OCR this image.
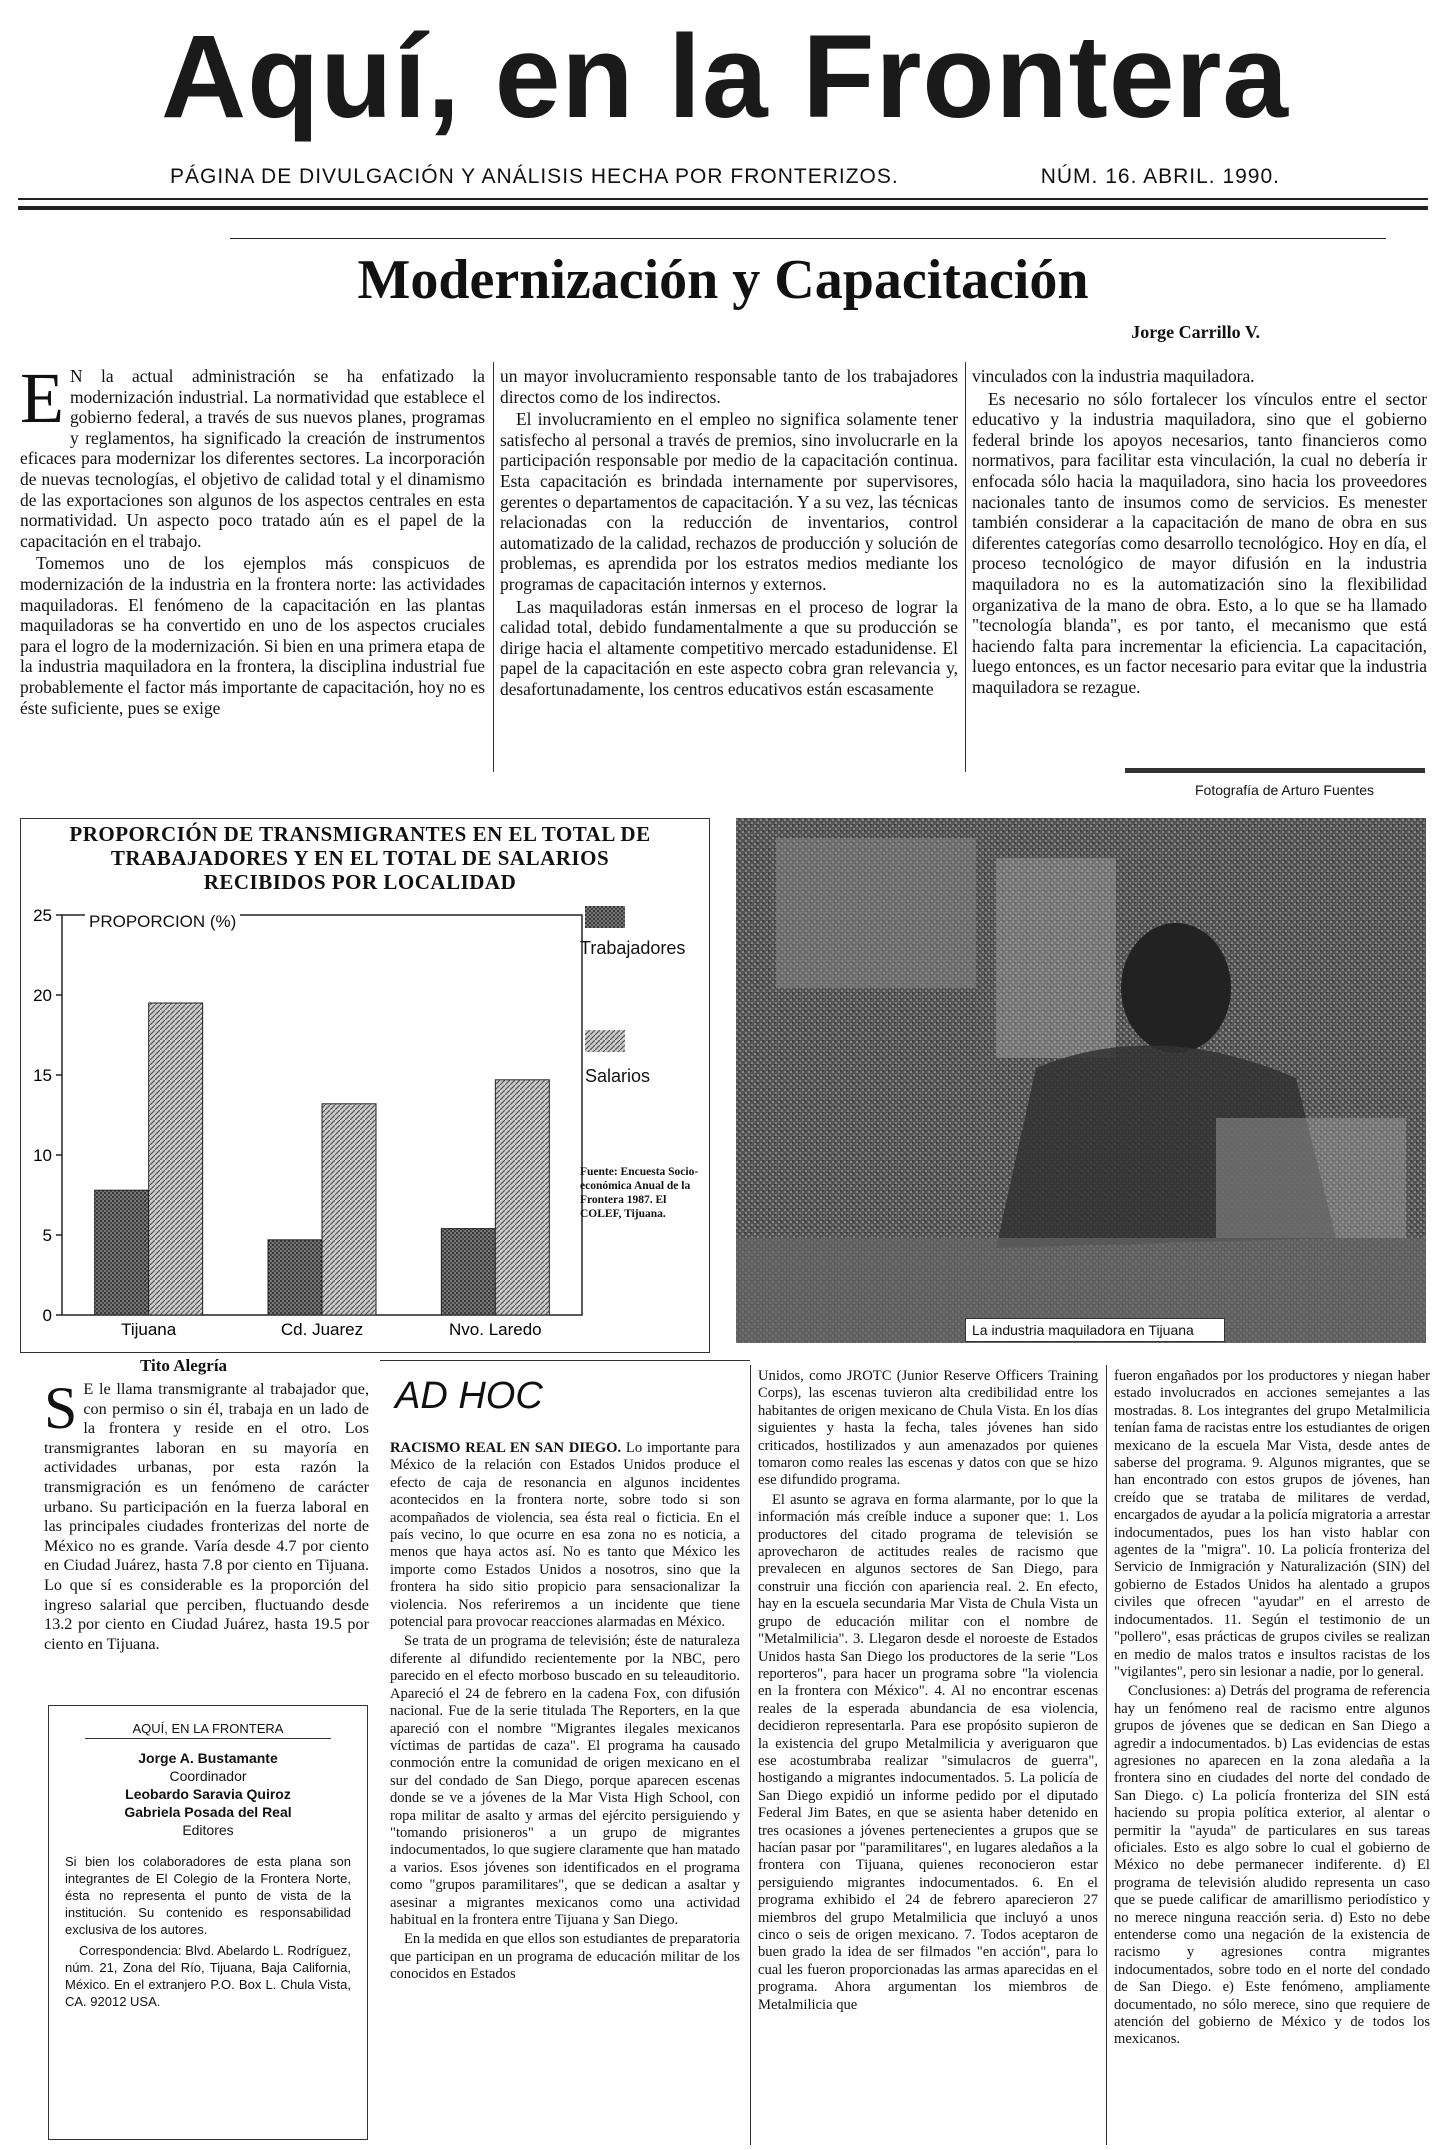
Aquí, en la Frontera
PÁGINA DE DIVULGACIÓN Y ANÁLISIS HECHA POR FRONTERIZOS.	NÚM. 16. ABRIL. 1990.
Modernización y Capacitación
Jorge Carrillo V.

E N la actual administración se ha enfatizado la modernización industrial. La normatividad que establece el gobierno federal, a través de sus nuevos planes, programas y reglamentos, ha significado la creación de instrumentos eficaces para modernizar los diferentes sectores. La incorporación de nuevas tecnologías, el objetivo de calidad total y el dinamismo de las exportaciones son algunos de los aspectos centrales en esta normatividad. Un aspecto poco tratado aún es el papel de la capacitación en el trabajo.

Tomemos uno de los ejemplos más conspicuos de modernización de la industria en la frontera norte: las actividades maquiladoras. El fenómeno de la capacitación en las plantas maquiladoras se ha convertido en uno de los aspectos cruciales para el logro de la modernización. Si bien en una primera etapa de la industria maquiladora en la frontera, la disciplina industrial fue probablemente el factor más importante de capacitación, hoy no es éste suficiente, pues se exige

un mayor involucramiento responsable tanto de los trabajadores directos como de los indirectos.

El involucramiento en el empleo no significa solamente tener satisfecho al personal a través de premios, sino involucrarle en la participación responsable por medio de la capacitación continua. Esta capacitación es brindada internamente por supervisores, gerentes o departamentos de capacitación. Y a su vez, las técnicas relacionadas con la reducción de inventarios, control automatizado de la calidad, rechazos de producción y solución de problemas, es aprendida por los estratos medios mediante los programas de capacitación internos y externos.

Las maquiladoras están inmersas en el proceso de lograr la calidad total, debido fundamentalmente a que su producción se dirige hacia el altamente competitivo mercado estadunidense. El papel de la capacitación en este aspecto cobra gran relevancia y, desafortunadamente, los centros educativos están escasamente

vinculados con la industria maquiladora.

Es necesario no sólo fortalecer los vínculos entre el sector educativo y la industria maquiladora, sino que el gobierno federal brinde los apoyos necesarios, tanto financieros como normativos, para facilitar esta vinculación, la cual no debería ir enfocada sólo hacia la maquiladora, sino hacia los proveedores nacionales tanto de insumos como de servicios. Es menester también considerar a la capacitación de mano de obra en sus diferentes categorías como desarrollo tecnológico. Hoy en día, el proceso tecnológico de mayor difusión en la industria maquiladora no es la automatización sino la flexibilidad organizativa de la mano de obra. Esto, a lo que se ha llamado "tecnología blanda", es por tanto, el mecanismo que está haciendo falta para incrementar la eficiencia. La capacitación, luego entonces, es un factor necesario para evitar que la industria maquiladora se rezague.

Fotografía de Arturo Fuentes
PROPORCIÓN DE TRANSMIGRANTES EN EL TOTAL DE TRABAJADORES Y EN EL TOTAL DE SALARIOS RECIBIDOS POR LOCALIDAD
0
5
10
15
20
25
Tijuana	Cd. Juarez	Nvo. Laredo
PROPORCION (%)
Trabajadores
Salarios
Fuente: Encuesta Socio-económica Anual de la Frontera 1987. El COLEF, Tijuana.
La industria maquiladora en Tijuana
Tito Alegría

S E le llama transmigrante al trabajador que, con permiso o sin él, trabaja en un lado de la frontera y reside en el otro. Los transmigrantes laboran en su mayoría en actividades urbanas, por esta razón la transmigración es un fenómeno de carácter urbano. Su participación en la fuerza laboral en las principales ciudades fronterizas del norte de México no es grande. Varía desde 4.7 por ciento en Ciudad Juárez, hasta 7.8 por ciento en Tijuana. Lo que sí es considerable es la proporción del ingreso salarial que perciben, fluctuando desde 13.2 por ciento en Ciudad Juárez, hasta 19.5 por ciento en Tijuana.

AQUÍ, EN LA FRONTERA

Jorge A. Bustamante

Coordinador

Leobardo Saravia Quiroz

Gabriela Posada del Real

Editores

Si bien los colaboradores de esta plana son integrantes de El Colegio de la Frontera Norte, ésta no representa el punto de vista de la institución. Su contenido es responsabilidad exclusiva de los autores.

Correspondencia: Blvd. Abelardo L. Rodríguez, núm. 21, Zona del Río, Tijuana, Baja California, México. En el extranjero P.O. Box L. Chula Vista, CA. 92012 USA.

AD HOC

RACISMO REAL EN SAN DIEGO. Lo importante para México de la relación con Estados Unidos produce el efecto de caja de resonancia en algunos incidentes acontecidos en la frontera norte, sobre todo si son acompañados de violencia, sea ésta real o ficticia. En el país vecino, lo que ocurre en esa zona no es noticia, a menos que haya actos así. No es tanto que México les importe como Estados Unidos a nosotros, sino que la frontera ha sido sitio propicio para sensacionalizar la violencia. Nos referiremos a un incidente que tiene potencial para provocar reacciones alarmadas en México.

Se trata de un programa de televisión; éste de naturaleza diferente al difundido recientemente por la NBC, pero parecido en el efecto morboso buscado en su teleauditorio. Apareció el 24 de febrero en la cadena Fox, con difusión nacional. Fue de la serie titulada The Reporters, en la que apareció con el nombre "Migrantes ilegales mexicanos víctimas de partidas de caza". El programa ha causado conmoción entre la comunidad de origen mexicano en el sur del condado de San Diego, porque aparecen escenas donde se ve a jóvenes de la Mar Vista High School, con ropa militar de asalto y armas del ejército persiguiendo y "tomando prisioneros" a un grupo de migrantes indocumentados, lo que sugiere claramente que han matado a varios. Esos jóvenes son identificados en el programa como "grupos paramilitares", que se dedican a asaltar y asesinar a migrantes mexicanos como una actividad habitual en la frontera entre Tijuana y San Diego.

En la medida en que ellos son estudiantes de preparatoria que participan en un programa de educación militar de los conocidos en Estados

Unidos, como JROTC (Junior Reserve Officers Training Corps), las escenas tuvieron alta credibilidad entre los habitantes de origen mexicano de Chula Vista. En los días siguientes y hasta la fecha, tales jóvenes han sido criticados, hostilizados y aun amenazados por quienes tomaron como reales las escenas y datos con que se hizo ese difundido programa.

El asunto se agrava en forma alarmante, por lo que la información más creíble induce a suponer que: 1. Los productores del citado programa de televisión se aprovecharon de actitudes reales de racismo que prevalecen en algunos sectores de San Diego, para construir una ficción con apariencia real. 2. En efecto, hay en la escuela secundaria Mar Vista de Chula Vista un grupo de educación militar con el nombre de "Metalmilicia". 3. Llegaron desde el noroeste de Estados Unidos hasta San Diego los productores de la serie "Los reporteros", para hacer un programa sobre "la violencia en la frontera con México". 4. Al no encontrar escenas reales de la esperada abundancia de esa violencia, decidieron representarla. Para ese propósito supieron de la existencia del grupo Metalmilicia y averiguaron que ese acostumbraba realizar "simulacros de guerra", hostigando a migrantes indocumentados. 5. La policía de San Diego expidió un informe pedido por el diputado Federal Jim Bates, en que se asienta haber detenido en tres ocasiones a jóvenes pertenecientes a grupos que se hacían pasar por "paramilitares", en lugares aledaños a la frontera con Tijuana, quienes reconocieron estar persiguiendo migrantes indocumentados. 6. En el programa exhibido el 24 de febrero aparecieron 27 miembros del grupo Metalmilicia que incluyó a unos cinco o seis de origen mexicano. 7. Todos aceptaron de buen grado la idea de ser filmados "en acción", para lo cual les fueron proporcionadas las armas aparecidas en el programa. Ahora argumentan los miembros de Metalmilicia que

fueron engañados por los productores y niegan haber estado involucrados en acciones semejantes a las mostradas. 8. Los integrantes del grupo Metalmilicia tenían fama de racistas entre los estudiantes de origen mexicano de la escuela Mar Vista, desde antes de saberse del programa. 9. Algunos migrantes, que se han encontrado con estos grupos de jóvenes, han creído que se trataba de militares de verdad, encargados de ayudar a la policía migratoria a arrestar indocumentados, pues los han visto hablar con agentes de la "migra". 10. La policía fronteriza del Servicio de Inmigración y Naturalización (SIN) del gobierno de Estados Unidos ha alentado a grupos civiles que ofrecen "ayudar" en el arresto de indocumentados. 11. Según el testimonio de un "pollero", esas prácticas de grupos civiles se realizan en medio de malos tratos e insultos racistas de los "vigilantes", pero sin lesionar a nadie, por lo general.

Conclusiones: a) Detrás del programa de referencia hay un fenómeno real de racismo entre algunos grupos de jóvenes que se dedican en San Diego a agredir a indocumentados. b) Las evidencias de estas agresiones no aparecen en la zona aledaña a la frontera sino en ciudades del norte del condado de San Diego. c) La policía fronteriza del SIN está haciendo su propia política exterior, al alentar o permitir la "ayuda" de particulares en sus tareas oficiales. Esto es algo sobre lo cual el gobierno de México no debe permanecer indiferente. d) El programa de televisión aludido representa un caso que se puede calificar de amarillismo periodístico y no merece ninguna reacción seria. d) Esto no debe entenderse como una negación de la existencia de racismo y agresiones contra migrantes indocumentados, sobre todo en el norte del condado de San Diego. e) Este fenómeno, ampliamente documentado, no sólo merece, sino que requiere de atención del gobierno de México y de todos los mexicanos.
